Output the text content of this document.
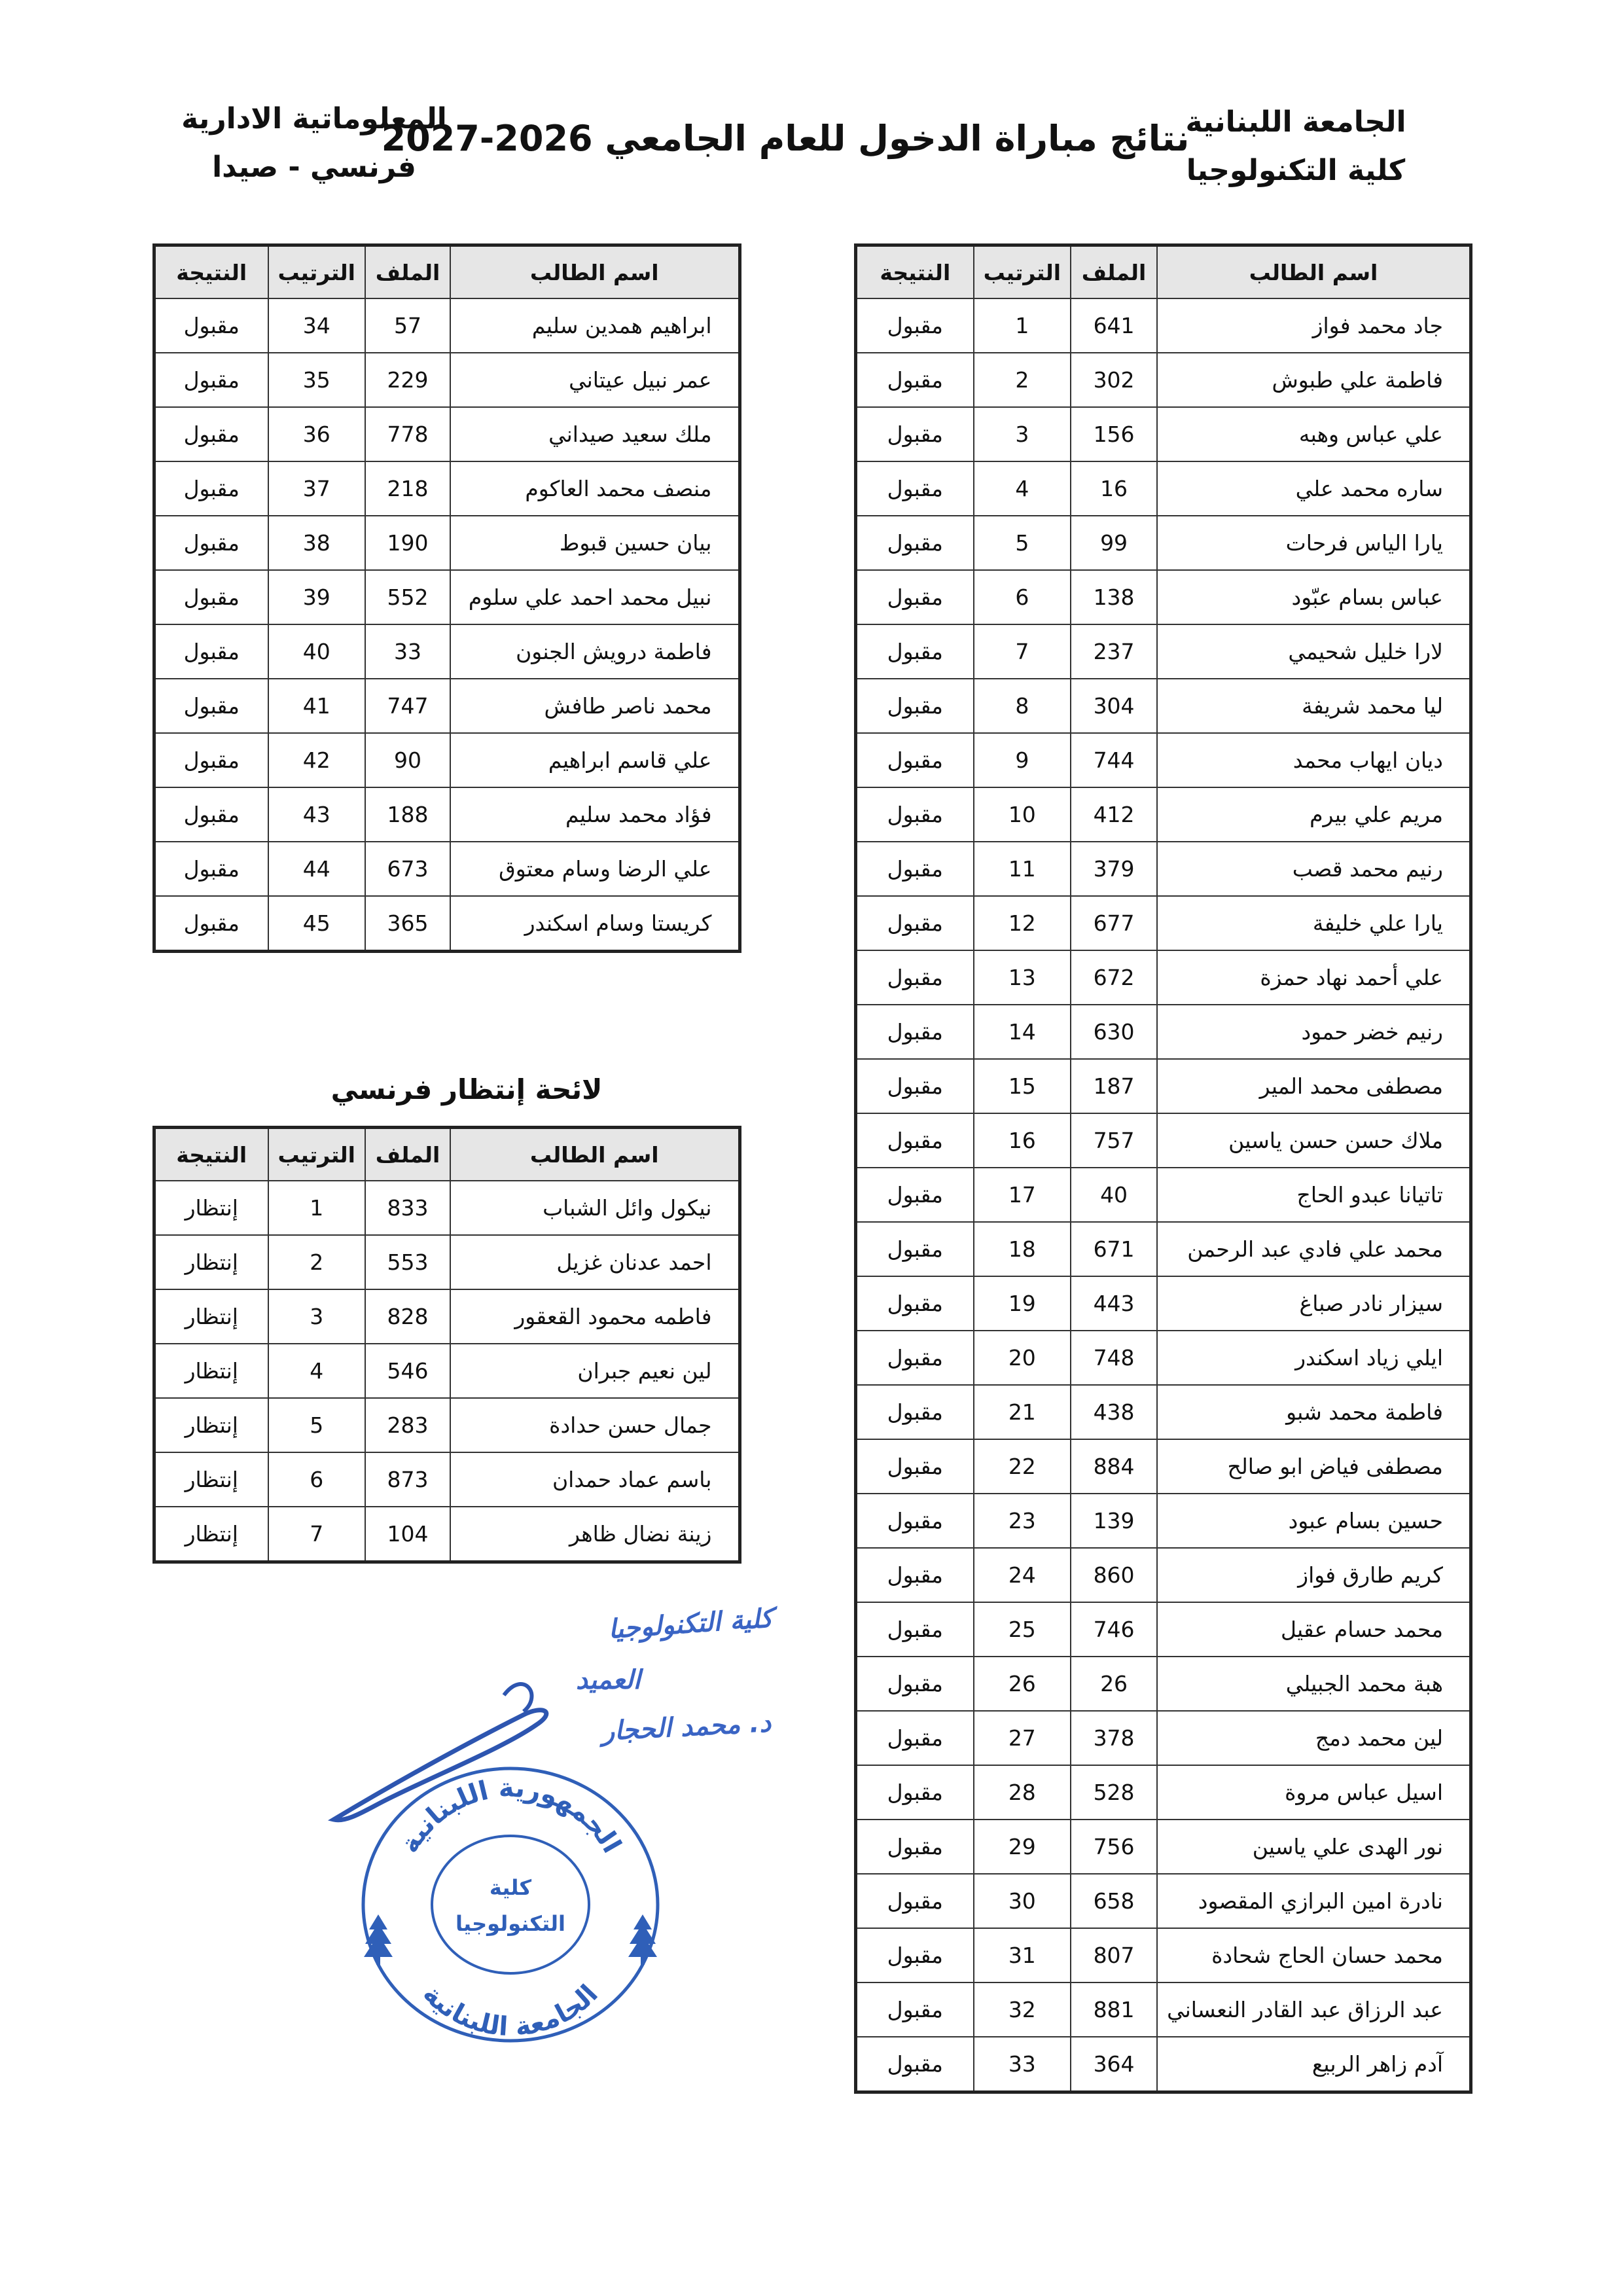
الجامعة اللبنانية
كلية التكنولوجيا
نتائج مباراة الدخول للعام الجامعي 2026-2027
المعلوماتية الادارية
فرنسي - صيدا
اسم الطالب	الملف	الترتيب	النتيجة
جاد محمد فواز	641	1	مقبول
فاطمة علي طبوش	302	2	مقبول
علي عباس وهبه	156	3	مقبول
ساره محمد علي	16	4	مقبول
يارا الياس فرحات	99	5	مقبول
عباس بسام عبّود	138	6	مقبول
لارا خليل شحيمي	237	7	مقبول
ليا محمد شريفة	304	8	مقبول
ديان ايهاب محمد	744	9	مقبول
مريم علي بيرم	412	10	مقبول
رنيم محمد قصب	379	11	مقبول
يارا علي خليفة	677	12	مقبول
علي أحمد نهاد حمزة	672	13	مقبول
رنيم خضر حمود	630	14	مقبول
مصطفى محمد المير	187	15	مقبول
ملاك حسن حسن ياسين	757	16	مقبول
تاتيانا عبدو الحاج	40	17	مقبول
محمد علي فادي عبد الرحمن	671	18	مقبول
سيزار نادر صباغ	443	19	مقبول
ايلي زياد اسكندر	748	20	مقبول
فاطمة محمد شبو	438	21	مقبول
مصطفى فياض ابو صالح	884	22	مقبول
حسين بسام عبود	139	23	مقبول
كريم طارق فواز	860	24	مقبول
محمد حسام عقيل	746	25	مقبول
هبة محمد الجبيلي	26	26	مقبول
لين محمد دمج	378	27	مقبول
اسيل عباس مروة	528	28	مقبول
نور الهدى علي ياسين	756	29	مقبول
نادرة امين البرازي المقصود	658	30	مقبول
محمد حسان الحاج شحادة	807	31	مقبول
عبد الرزاق عبد القادر النعساني	881	32	مقبول
آدم زاهر الربيع	364	33	مقبول
اسم الطالب	الملف	الترتيب	النتيجة
ابراهيم همدين سليم	57	34	مقبول
عمر نبيل عيتاني	229	35	مقبول
ملك سعيد صيداني	778	36	مقبول
منصف محمد العاكوم	218	37	مقبول
بيان حسين قبوط	190	38	مقبول
نبيل محمد احمد علي سلوم	552	39	مقبول
فاطمة درويش الجنون	33	40	مقبول
محمد ناصر طافش	747	41	مقبول
علي قاسم ابراهيم	90	42	مقبول
فؤاد محمد سليم	188	43	مقبول
علي الرضا وسام معتوق	673	44	مقبول
كريستا وسام اسكندر	365	45	مقبول
لائحة إنتظار فرنسي
اسم الطالب	الملف	الترتيب	النتيجة
نيكول وائل الشباب	833	1	إنتظار
احمد عدنان غزيل	553	2	إنتظار
فاطمه محمود القعقور	828	3	إنتظار
لين نعيم جبران	546	4	إنتظار
جمال حسن حدادة	283	5	إنتظار
باسم عماد حمدان	873	6	إنتظار
زينة نضال ظاهر	104	7	إنتظار
كلية التكنولوجيا
العميد
د. محمد الحجار
الجمهورية اللبنانية
الجامعة اللبنانية
كلية
التكنولوجيا
